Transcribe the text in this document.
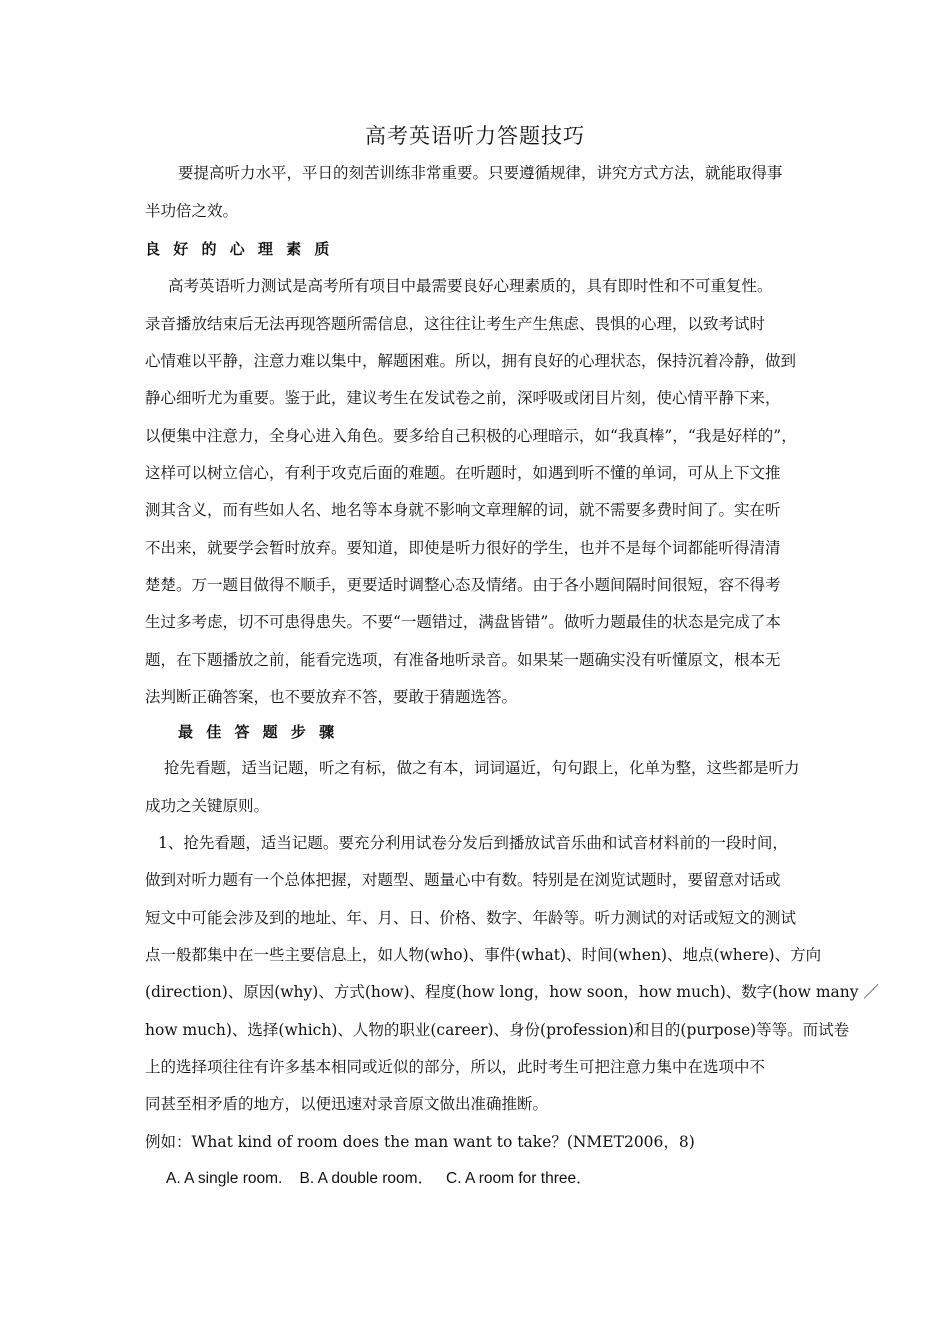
高考英语听力答题技巧
要提高听力水平，平日的刻苦训练非常重要。只要遵循规律，讲究方式方法，就能取得事
半功倍之效。
良 好 的 心 理 素 质
高考英语听力测试是高考所有项目中最需要良好心理素质的，具有即时性和不可重复性。
录音播放结束后无法再现答题所需信息，这往往让考生产生焦虑、畏惧的心理，以致考试时
心情难以平静，注意力难以集中，解题困难。所以，拥有良好的心理状态，保持沉着冷静，做到
静心细听尤为重要。鉴于此，建议考生在发试卷之前，深呼吸或闭目片刻，使心情平静下来，
以便集中注意力，全身心进入角色。要多给自己积极的心理暗示，如“我真棒”，“我是好样的”，
这样可以树立信心，有利于攻克后面的难题。在听题时，如遇到听不懂的单词，可从上下文推
测其含义，而有些如人名、地名等本身就不影响文章理解的词，就不需要多费时间了。实在听
不出来，就要学会暂时放弃。要知道，即使是听力很好的学生，也并不是每个词都能听得清清
楚楚。万一题目做得不顺手，更要适时调整心态及情绪。由于各小题间隔时间很短，容不得考
生过多考虑，切不可患得患失。不要“一题错过，满盘皆错”。做听力题最佳的状态是完成了本
题，在下题播放之前，能看完选项，有准备地听录音。如果某一题确实没有听懂原文，根本无
法判断正确答案，也不要放弃不答，要敢于猜题选答。
最 佳 答 题 步 骤
抢先看题，适当记题，听之有标，做之有本，词词逼近，句句跟上，化单为整，这些都是听力
成功之关键原则。
1、抢先看题，适当记题。要充分利用试卷分发后到播放试音乐曲和试音材料前的一段时间，
做到对听力题有一个总体把握，对题型、题量心中有数。特别是在浏览试题时，要留意对话或
短文中可能会涉及到的地址、年、月、日、价格、数字、年龄等。听力测试的对话或短文的测试
点一般都集中在一些主要信息上，如人物(who)、事件(what)、时间(when)、地点(where)、方向
(direction)、原因(why)、方式(how)、程度(how long，how soon，how much)、数字(how many ／
how much)、选择(which)、人物的职业(career)、身份(profession)和目的(purpose)等等。而试卷
上的选择项往往有许多基本相同或近似的部分，所以，此时考生可把注意力集中在选项中不
同甚至相矛盾的地方，以便迅速对录音原文做出准确推断。
例如：What kind of room does the man want to take？(NMET2006，8)
A. A single room.    B. A double room．   C. A room for three．
